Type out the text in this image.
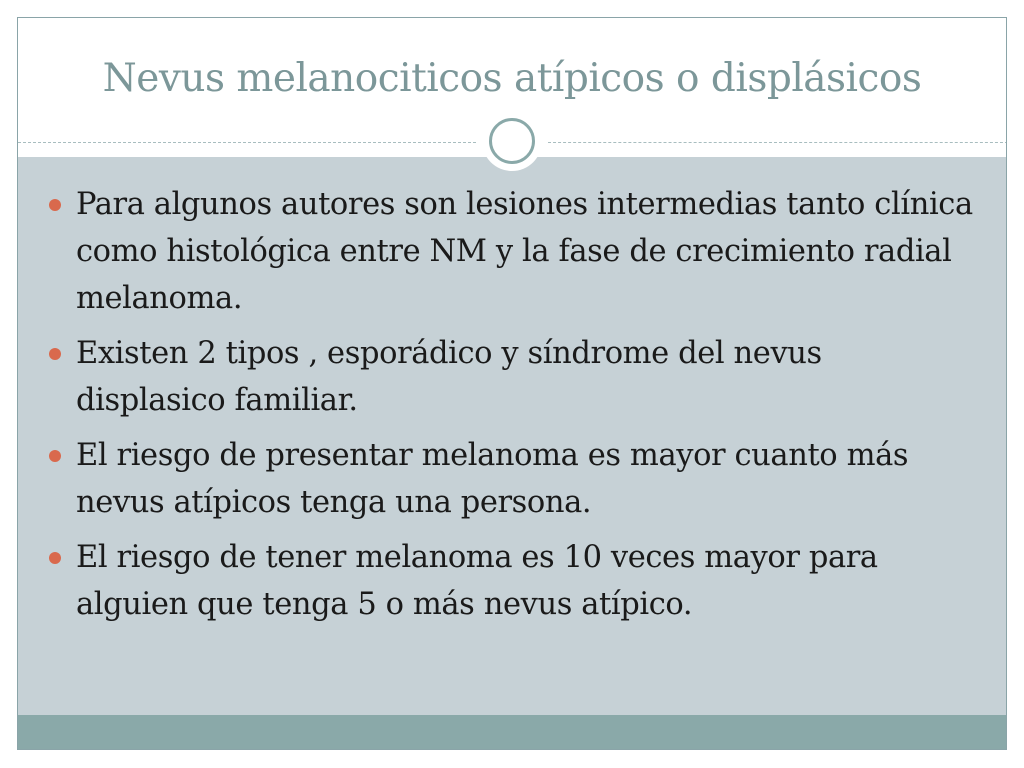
Nevus melanociticos atípicos o displásicos
Para algunos autores son lesiones intermedias tanto clínica como histológica entre NM y la fase de crecimiento radial melanoma.
Existen 2 tipos , esporádico y síndrome del nevus displasico familiar.
El riesgo de presentar melanoma es mayor cuanto más nevus atípicos tenga una persona.
El riesgo de tener melanoma es 10 veces mayor para alguien que tenga 5 o más nevus atípico.
